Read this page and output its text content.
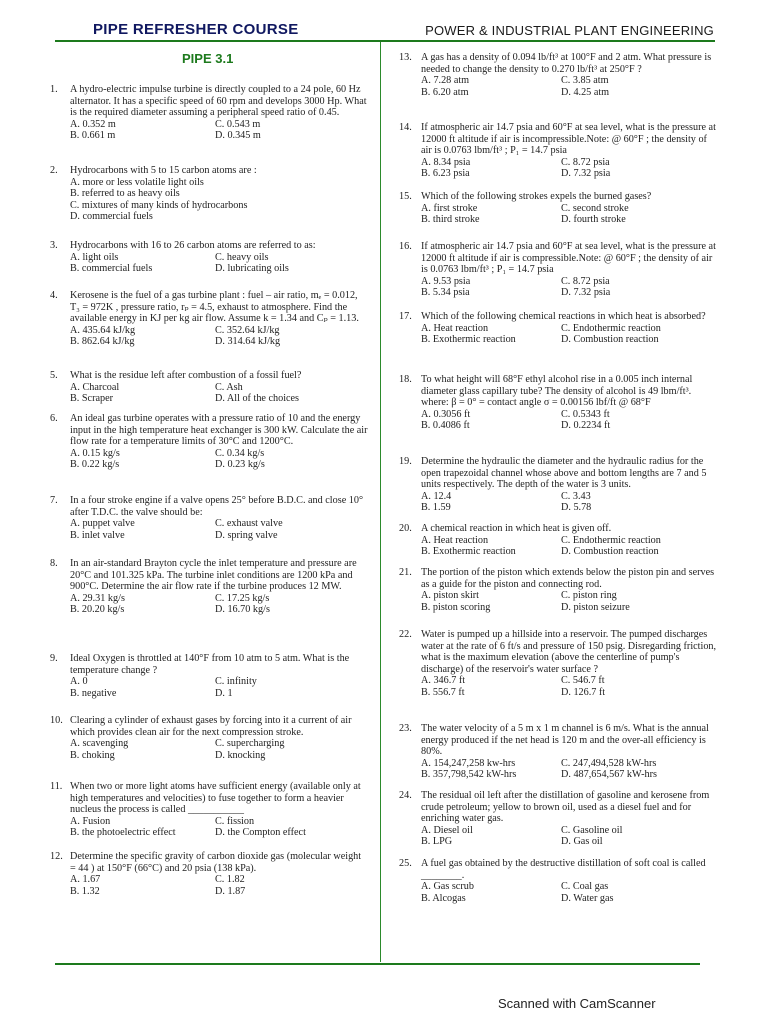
PIPE REFRESHER COURSE	POWER & INDUSTRIAL PLANT ENGINEERING
PIPE 3.1
1. A hydro-electric impulse turbine is directly coupled to a 24 pole, 60 Hz alternator. It has a specific speed of 60 rpm and develops 3000 Hp. What is the required diameter assuming a peripheral speed ratio of 0.45.

A. 0.352 m	C. 0.543 m
B. 0.661 m	D. 0.345 m
2. Hydrocarbons with 5 to 15 carbon atoms are :

A. more or less volatile light oils
B. referred to as heavy oils
C. mixtures of many kinds of hydrocarbons
D. commercial fuels
3. Hydrocarbons with 16 to 26 carbon atoms are referred to as:

A. light oils	C. heavy oils
B. commercial fuels	D. lubricating oils
4. Kerosene is the fuel of a gas turbine plant : fuel – air ratio, mₑ = 0.012, T₃ = 972K , pressure ratio, rₚ = 4.5, exhaust to atmosphere. Find the available energy in KJ per kg air flow. Assume k = 1.34 and Cₚ = 1.13.

A. 435.64 kJ/kg	C. 352.64 kJ/kg
B. 862.64 kJ/kg	D. 314.64 kJ/kg
5. What is the residue left after combustion of a fossil fuel?

A. Charcoal	C. Ash
B. Scraper	D. All of the choices
6. An ideal gas turbine operates with a pressure ratio of 10 and the energy input in the high temperature heat exchanger is 300 kW. Calculate the air flow rate for a temperature limits of 30°C and 1200°C.

A. 0.15 kg/s	C. 0.34 kg/s
B. 0.22 kg/s	D. 0.23 kg/s
7. In a four stroke engine if a valve opens 25° before B.D.C. and close 10° after T.D.C. the valve should be:

A. puppet valve	C. exhaust valve
B. inlet valve	D. spring valve
8. In an air-standard Brayton cycle the inlet temperature and pressure are 20°C and 101.325 kPa. The turbine inlet conditions are 1200 kPa and 900°C. Determine the air flow rate if the turbine produces 12 MW.

A. 29.31 kg/s	C. 17.25 kg/s
B. 20.20 kg/s	D. 16.70 kg/s
9. Ideal Oxygen is throttled at 140°F from 10 atm to 5 atm. What is the temperature change ?

A. 0	C. infinity
B. negative	D. 1
10. Clearing a cylinder of exhaust gases by forcing into it a current of air which provides clean air for the next compression stroke.

A. scavenging	C. supercharging
B. choking	D. knocking
11. When two or more light atoms have sufficient energy (available only at high temperatures and velocities) to fuse together to form a heavier nucleus the process is called ___________

A. Fusion	C. fission
B. the photoelectric effect	D. the Compton effect
12. Determine the specific gravity of carbon dioxide gas (molecular weight = 44 ) at 150°F (66°C) and 20 psia (138 kPa).

A. 1.67	C. 1.82
B. 1.32	D. 1.87
13. A gas has a density of 0.094 lb/ft³ at 100°F and 2 atm. What pressure is needed to change the density to 0.270 lb/ft³ at 250°F ?

A. 7.28 atm	C. 3.85 atm
B. 6.20 atm	D. 4.25 atm
14. If atmospheric air 14.7 psia and 60°F at sea level, what is the pressure at 12000 ft altitude if air is incompressible.Note: @ 60°F ; the density of air is 0.0763 lbm/ft³ ; P₁ = 14.7 psia

A. 8.34 psia	C. 8.72 psia
B. 6.23 psia	D. 7.32 psia
15. Which of the following strokes expels the burned gases?

A. first stroke	C. second stroke
B. third stroke	D. fourth stroke
16. If atmospheric air 14.7 psia and 60°F at sea level, what is the pressure at 12000 ft altitude if air is compressible.Note: @ 60°F ; the density of air is 0.0763 lbm/ft³ ; P₁ = 14.7 psia

A. 9.53 psia	C. 8.72 psia
B. 5.34 psia	D. 7.32 psia
17. Which of the following chemical reactions in which heat is absorbed?

A. Heat reaction	C. Endothermic reaction
B. Exothermic reaction	D. Combustion reaction
18. To what height will 68°F ethyl alcohol rise in a 0.005 inch internal diameter glass capillary tube? The density of alcohol is 49 lbm/ft³. where: β = 0° = contact angle σ = 0.00156 lbf/ft @ 68°F

A. 0.3056 ft	C. 0.5343 ft
B. 0.4086 ft	D. 0.2234 ft
19. Determine the hydraulic the diameter and the hydraulic radius for the open trapezoidal channel whose above and bottom lengths are 7 and 5 units respectively. The depth of the water is 3 units.

A. 12.4	C. 3.43
B. 1.59	D. 5.78
20. A chemical reaction in which heat is given off.

A. Heat reaction	C. Endothermic reaction
B. Exothermic reaction	D. Combustion reaction
21. The portion of the piston which extends below the piston pin and serves as a guide for the piston and connecting rod.

A. piston skirt	C. piston ring
B. piston scoring	D. piston seizure
22. Water is pumped up a hillside into a reservoir. The pumped discharges water at the rate of 6 ft/s and pressure of 150 psig. Disregarding friction, what is the maximum elevation (above the centerline of pump's discharge) of the reservoir's water surface ?

A. 346.7 ft	C. 546.7 ft
B. 556.7 ft	D. 126.7 ft
23. The water velocity of a 5 m x 1 m channel is 6 m/s. What is the annual energy produced if the net head is 120 m and the over-all efficiency is 80%.

A. 154,247,258 kw-hrs	C. 247,494,528 kW-hrs
B. 357,798,542 kW-hrs	D. 487,654,567 kW-hrs
24. The residual oil left after the distillation of gasoline and kerosene from crude petroleum; yellow to brown oil, used as a diesel fuel and for enriching water gas.

A. Diesel oil	C. Gasoline oil
B. LPG	D. Gas oil
25. A fuel gas obtained by the destructive distillation of soft coal is called ________.

A. Gas scrub	C. Coal gas
B. Alcogas	D. Water gas
Scanned with CamScanner
